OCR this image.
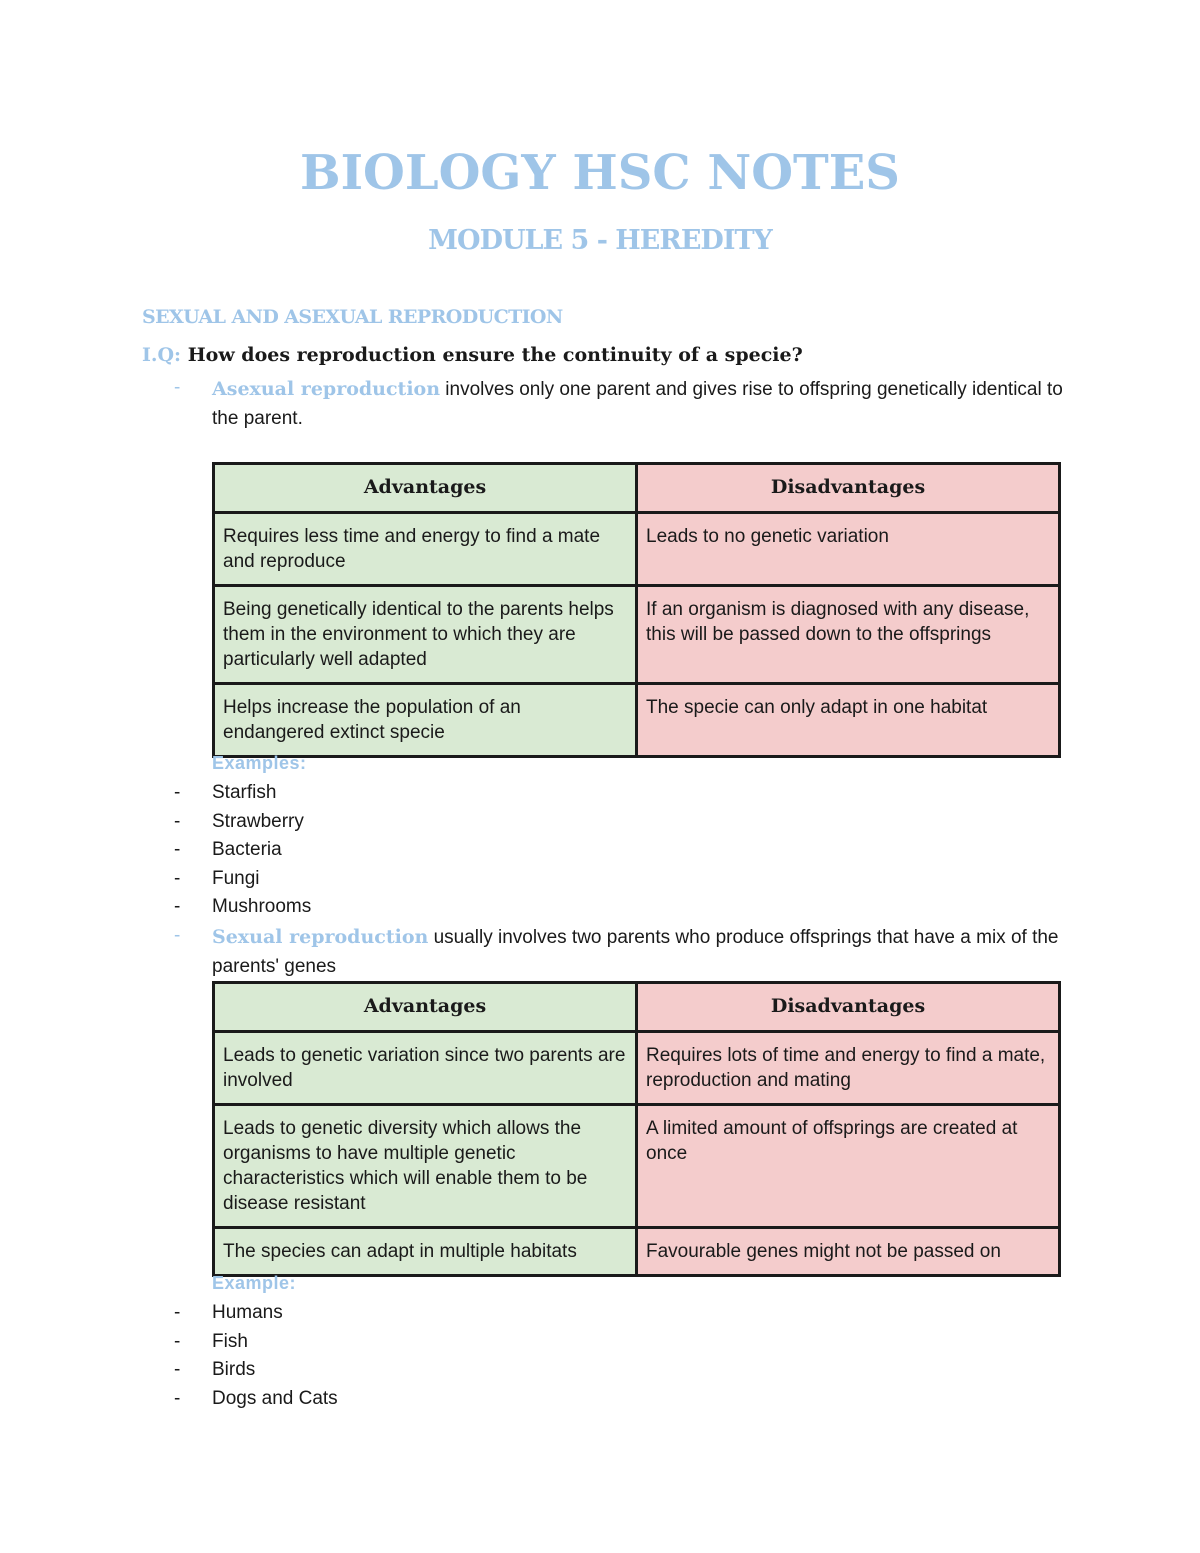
BIOLOGY HSC NOTES
MODULE 5 - HEREDITY
SEXUAL AND ASEXUAL REPRODUCTION

I.Q: How does reproduction ensure the continuity of a specie?

- Asexual reproduction involves only one parent and gives rise to offspring genetically identical to the parent.

Advantages	Disadvantages
Requires less time and energy to find a mate and reproduce	Leads to no genetic variation
Being genetically identical to the parents helps them in the environment to which they are particularly well adapted	If an organism is diagnosed with any disease, this will be passed down to the offsprings
Helps increase the population of an endangered extinct specie	The specie can only adapt in one habitat

Examples:

- Starfish
- Strawberry
- Bacteria
- Fungi
- Mushrooms
- Sexual reproduction usually involves two parents who produce offsprings that have a mix of the parents' genes

Advantages	Disadvantages
Leads to genetic variation since two parents are involved	Requires lots of time and energy to find a mate, reproduction and mating
Leads to genetic diversity which allows the organisms to have multiple genetic characteristics which will enable them to be disease resistant	A limited amount of offsprings are created at once
The species can adapt in multiple habitats	Favourable genes might not be passed on

Example:

- Humans
- Fish
- Birds
- Dogs and Cats
